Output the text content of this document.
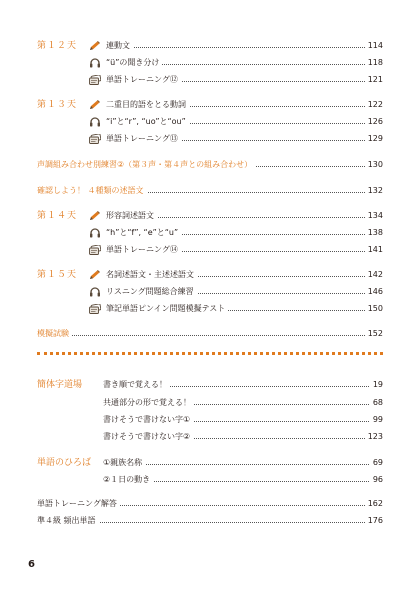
第１２天	連動文	114
“ü”の聞き分け	118
単語トレーニング⑫	121
第１３天	二重目的語をとる動詞	122
“i”と“r”, “uo”と“ou”	126
単語トレーニング⑬	129
声調組み合わせ別練習②（第３声・第４声との組み合わせ）	130
確認しよう！ ４種類の述語文	132
第１４天	形容詞述語文	134
“h”と“f”, “e”と“u”	138
単語トレーニング⑭	141
第１５天	名詞述語文・主述述語文	142
リスニング問題総合練習	146
筆記単語ピンイン問題模擬テスト	150
模擬試験	152
簡体字道場	書き順で覚える！	19
共通部分の形で覚える！	68
書けそうで書けない字①	99
書けそうで書けない字②	123
単語のひろば ①親族名称	69
②１日の動き	96
単語トレーニング解答	162
準４級 頻出単語	176
6
